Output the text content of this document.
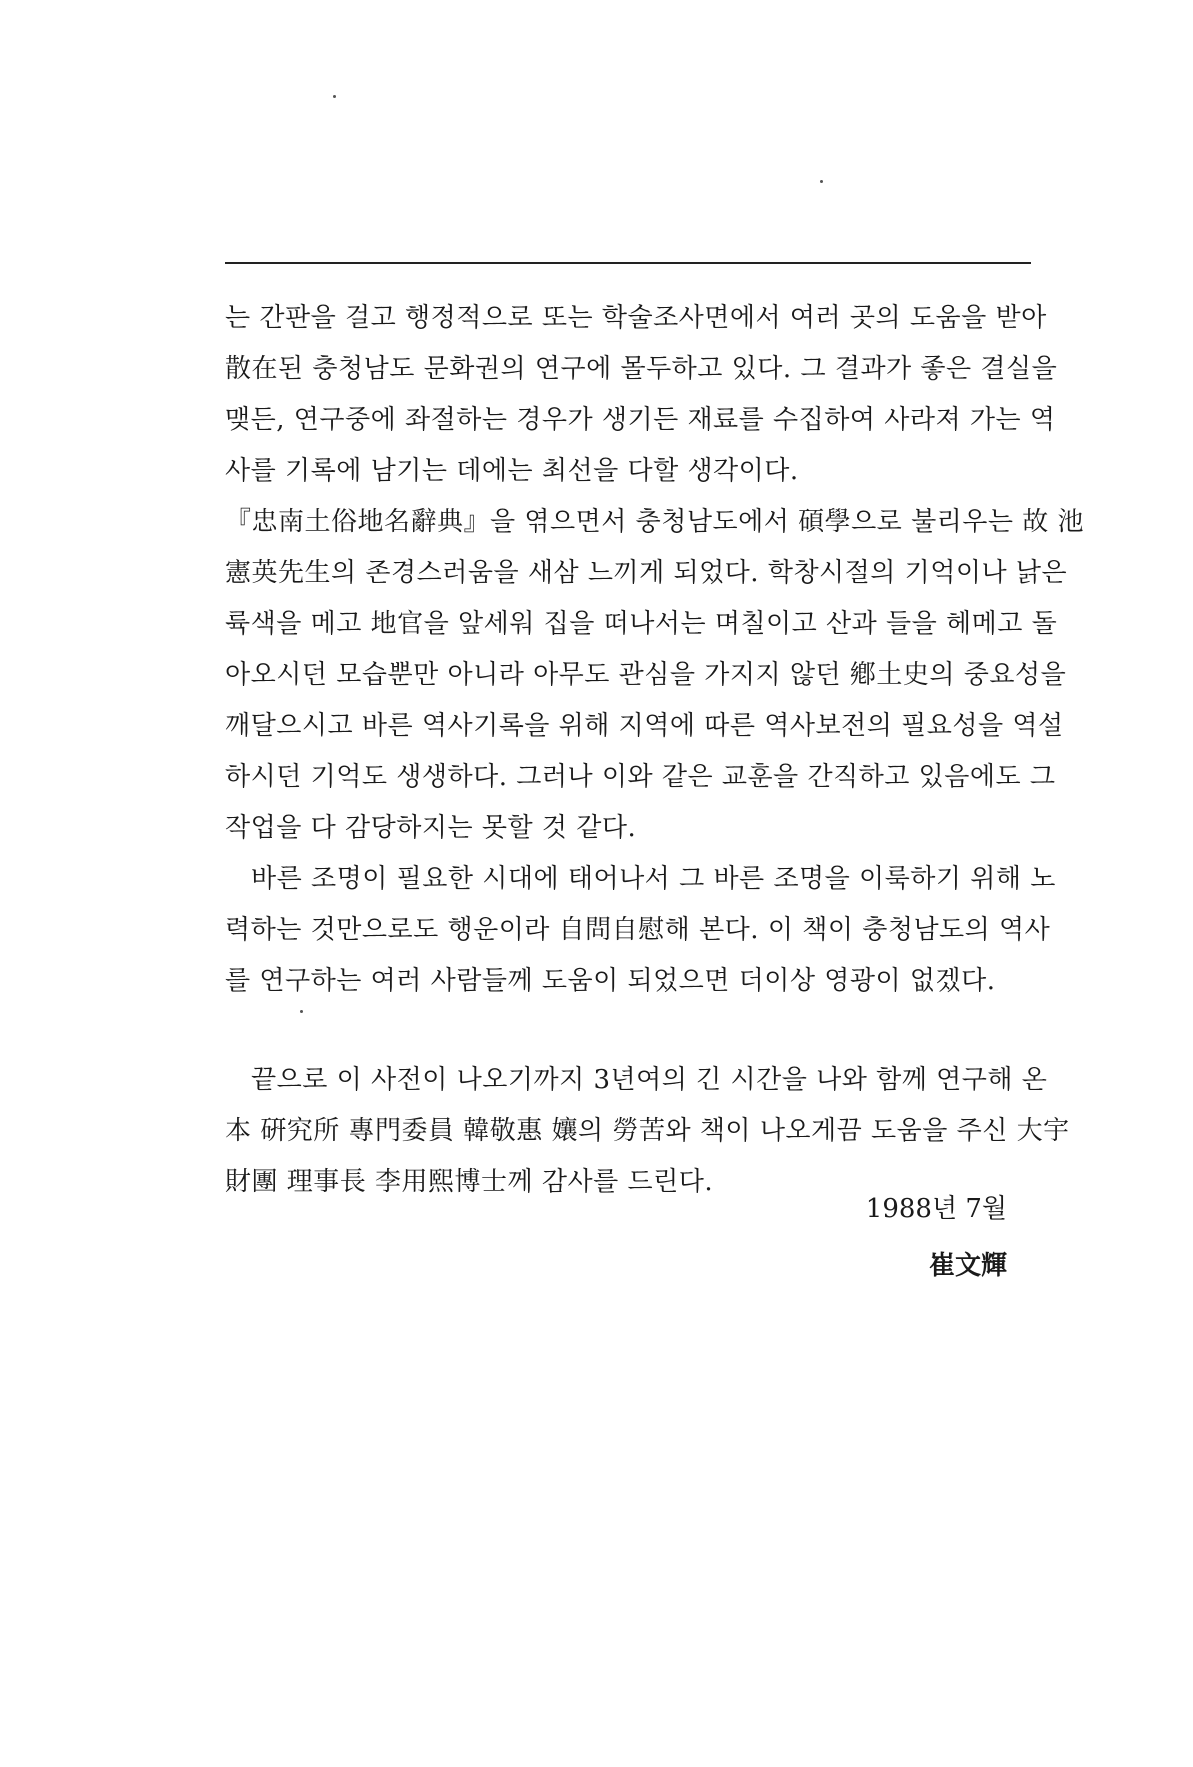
는 간판을 걸고 행정적으로 또는 학술조사면에서 여러 곳의 도움을 받아
散在된 충청남도 문화권의 연구에 몰두하고 있다. 그 결과가 좋은 결실을
맺든, 연구중에 좌절하는 경우가 생기든 재료를 수집하여 사라져 가는 역
사를 기록에 남기는 데에는 최선을 다할 생각이다.
『忠南土俗地名辭典』을 엮으면서 충청남도에서 碩學으로 불리우는 故 池
憲英先生의 존경스러움을 새삼 느끼게 되었다. 학창시절의 기억이나 낡은
륙색을 메고 地官을 앞세워 집을 떠나서는 며칠이고 산과 들을 헤메고 돌
아오시던 모습뿐만 아니라 아무도 관심을 가지지 않던 鄕土史의 중요성을
깨달으시고 바른 역사기록을 위해 지역에 따른 역사보전의 필요성을 역설
하시던 기억도 생생하다. 그러나 이와 같은 교훈을 간직하고 있음에도 그
작업을 다 감당하지는 못할 것 같다.
바른 조명이 필요한 시대에 태어나서 그 바른 조명을 이룩하기 위해 노
력하는 것만으로도 행운이라 自問自慰해 본다. 이 책이 충청남도의 역사
를 연구하는 여러 사람들께 도움이 되었으면 더이상 영광이 없겠다.
끝으로 이 사전이 나오기까지 3년여의 긴 시간을 나와 함께 연구해 온
本 硏究所 專門委員 韓敬惠 孃의 勞苦와 책이 나오게끔 도움을 주신 大宇
財團 理事長 李用熙博士께 감사를 드린다.
1988년 7월
崔文輝
